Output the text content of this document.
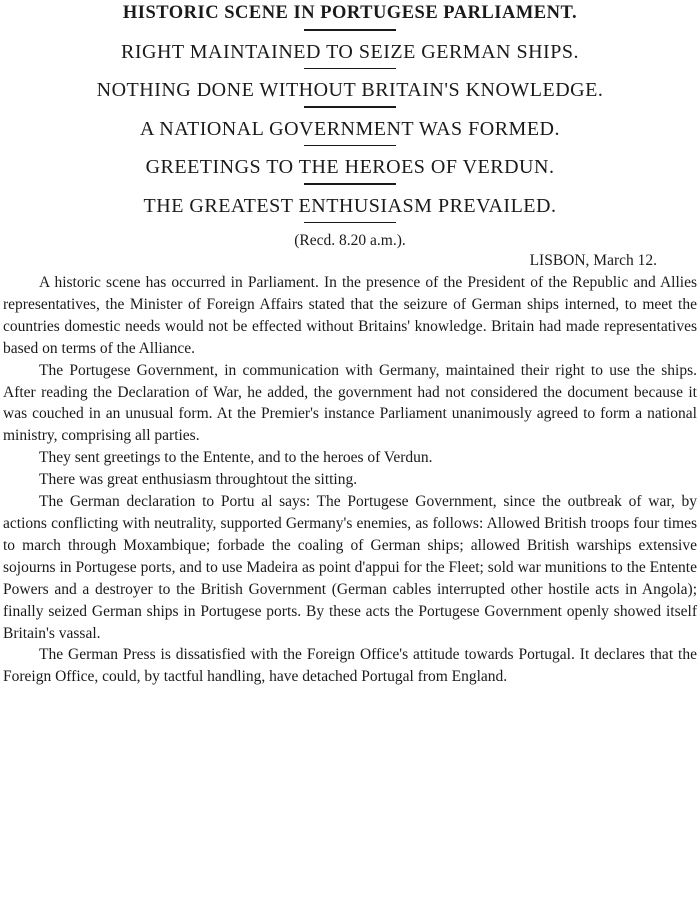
HISTORIC SCENE IN PORTUGESE PARLIAMENT.
RIGHT MAINTAINED TO SEIZE GERMAN SHIPS.
NOTHING DONE WITHOUT BRITAIN'S KNOWLEDGE.
A NATIONAL GOVERNMENT WAS FORMED.
GREETINGS TO THE HEROES OF VERDUN.
THE GREATEST ENTHUSIASM PREVAILED.

(Recd. 8.20 a.m.).

LISBON, March 12.

A historic scene has occurred in Parliament. In the presence of the President of the Republic and Allies representatives, the Minister of Foreign Affairs stated that the seizure of German ships interned, to meet the countries domestic needs would not be effected without Britains' knowledge. Britain had made representatives based on terms of the Alliance.

The Portugese Government, in communication with Germany, maintained their right to use the ships. After reading the Declaration of War, he added, the government had not considered the document because it was couched in an unusual form. At the Premier's instance Parliament unanimously agreed to form a national ministry, comprising all parties.

They sent greetings to the Entente, and to the heroes of Verdun.

There was great enthusiasm throughtout the sitting.

The German declaration to Portu al says: The Portugese Government, since the outbreak of war, by actions conflicting with neutrality, supported Germany's enemies, as follows: Allowed British troops four times to march through Moxambique; forbade the coaling of German ships; allowed British warships extensive sojourns in Portugese ports, and to use Madeira as point d'appui for the Fleet; sold war munitions to the Entente Powers and a destroyer to the British Government (German cables interrupted other hostile acts in Angola); finally seized German ships in Portugese ports. By these acts the Portugese Government openly showed itself Britain's vassal.

The German Press is dissatisfied with the Foreign Office's attitude towards Portugal. It declares that the Foreign Office, could, by tactful handling, have detached Portugal from England.
